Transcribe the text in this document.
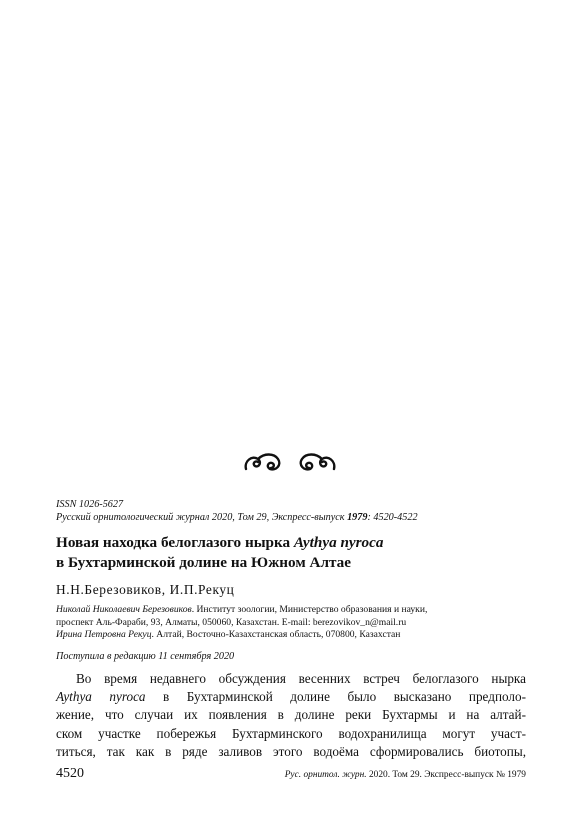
ISSN 1026-5627
Русский орнитологический журнал 2020, Том 29, Экспресс-выпуск 1979: 4520-4522
Новая находка белоглазого нырка Aythya nyroca
в Бухтарминской долине на Южном Алтае
Н.Н.Березовиков, И.П.Рекуц
Николай Николаевич Березовиков. Институт зоологии, Министерство образования и науки,
проспект Аль-Фараби, 93, Алматы, 050060, Казахстан. E-mail: berezovikov_n@mail.ru
Ирина Петровна Рекуц. Алтай, Восточно-Казахстанская область, 070800, Казахстан
Поступила в редакцию 11 сентября 2020
Во время недавнего обсуждения весенних встреч белоглазого нырка
Aythya nyroca в Бухтарминской долине было высказано предполо-
жение, что случаи их появления в долине реки Бухтармы и на алтай-
ском участке побережья Бухтарминского водохранилища могут участ-
титься, так как в ряде заливов этого водоёма сформировались биотопы,
4520	Рус. орнитол. журн. 2020. Том 29. Экспресс-выпуск № 1979
